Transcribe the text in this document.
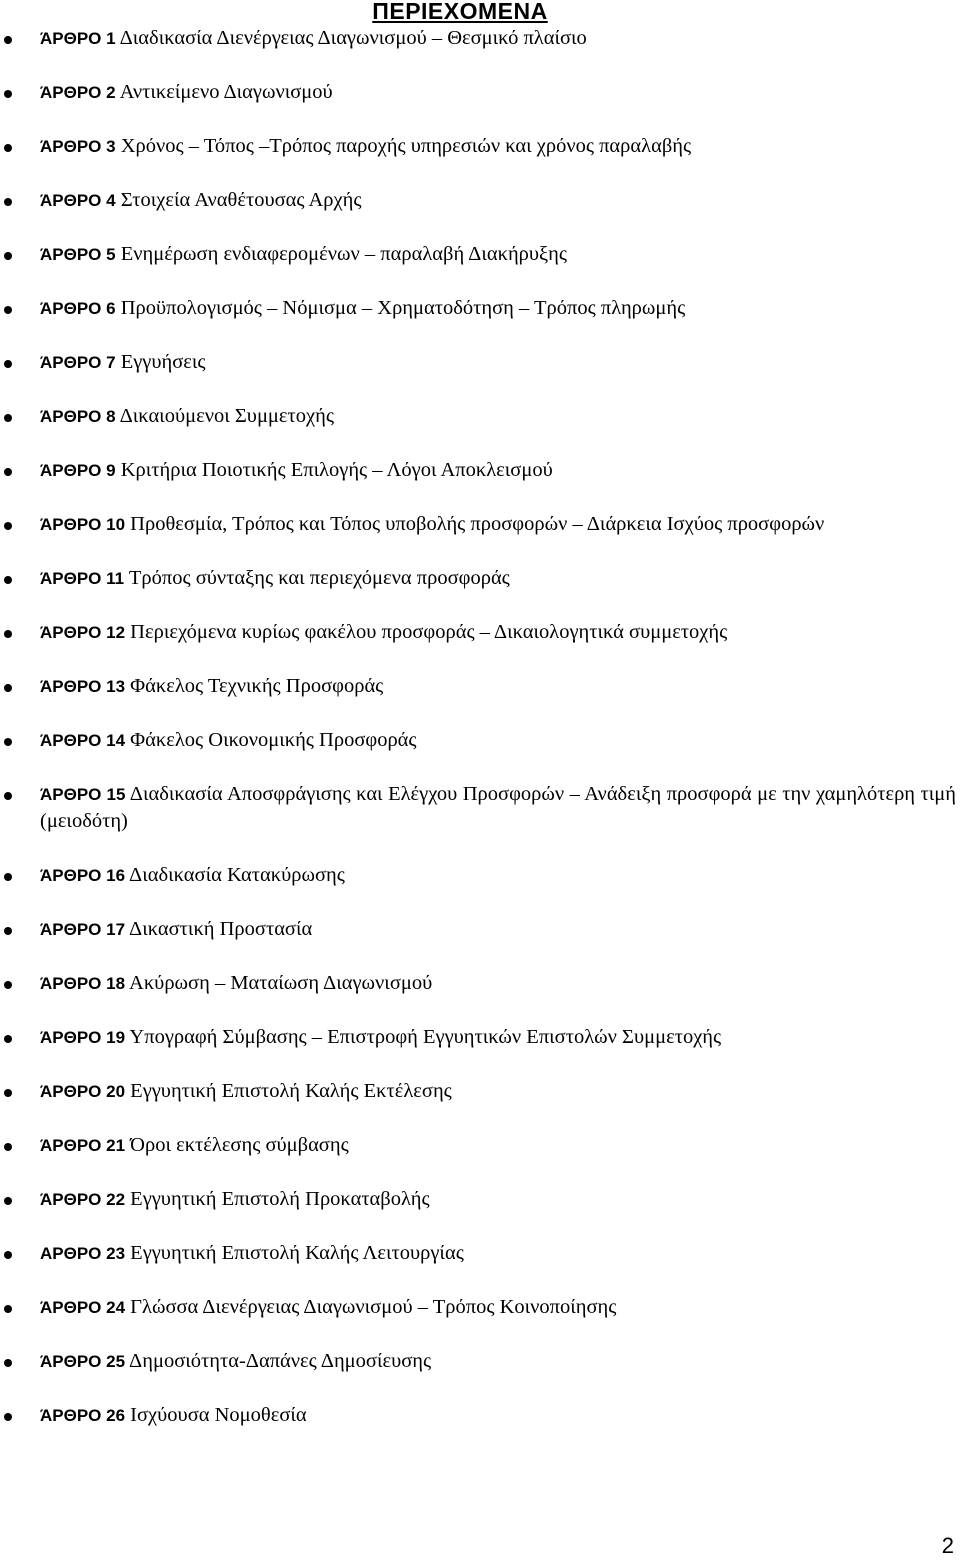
ΠΕΡΙΕΧΟΜΕΝΑ
ΆΡΘΡΟ 1 Διαδικασία Διενέργειας Διαγωνισμού – Θεσμικό πλαίσιο
ΆΡΘΡΟ 2 Αντικείμενο Διαγωνισμού
ΆΡΘΡΟ 3 Χρόνος – Τόπος –Τρόπος παροχής υπηρεσιών και χρόνος παραλαβής
ΆΡΘΡΟ 4 Στοιχεία Αναθέτουσας Αρχής
ΆΡΘΡΟ 5 Ενημέρωση ενδιαφερομένων – παραλαβή Διακήρυξης
ΆΡΘΡΟ 6 Προϋπολογισμός – Νόμισμα – Χρηματοδότηση – Τρόπος πληρωμής
ΆΡΘΡΟ 7 Εγγυήσεις
ΆΡΘΡΟ 8 Δικαιούμενοι Συμμετοχής
ΆΡΘΡΟ 9 Κριτήρια Ποιοτικής Επιλογής – Λόγοι Αποκλεισμού
ΆΡΘΡΟ 10 Προθεσμία, Τρόπος και Τόπος υποβολής προσφορών – Διάρκεια Ισχύος προσφορών
ΆΡΘΡΟ 11 Τρόπος σύνταξης και περιεχόμενα προσφοράς
ΆΡΘΡΟ 12 Περιεχόμενα κυρίως φακέλου προσφοράς – Δικαιολογητικά συμμετοχής
ΆΡΘΡΟ 13 Φάκελος Τεχνικής Προσφοράς
ΆΡΘΡΟ 14 Φάκελος Οικονομικής Προσφοράς
ΆΡΘΡΟ 15 Διαδικασία Αποσφράγισης και Ελέγχου Προσφορών – Ανάδειξη προσφορά με την χαμηλότερη τιμή (μειοδότη)
ΆΡΘΡΟ 16 Διαδικασία Κατακύρωσης
ΆΡΘΡΟ 17 Δικαστική Προστασία
ΆΡΘΡΟ 18 Ακύρωση – Ματαίωση Διαγωνισμού
ΆΡΘΡΟ 19 Υπογραφή Σύμβασης – Επιστροφή Εγγυητικών Επιστολών Συμμετοχής
ΆΡΘΡΟ 20 Εγγυητική Επιστολή Καλής Εκτέλεσης
ΆΡΘΡΟ 21 Όροι εκτέλεσης σύμβασης
ΆΡΘΡΟ 22 Εγγυητική Επιστολή Προκαταβολής
ΑΡΘΡΟ 23 Εγγυητική Επιστολή Καλής Λειτουργίας
ΆΡΘΡΟ 24 Γλώσσα Διενέργειας Διαγωνισμού – Τρόπος Κοινοποίησης
ΆΡΘΡΟ 25 Δημοσιότητα-Δαπάνες Δημοσίευσης
ΆΡΘΡΟ 26 Ισχύουσα Νομοθεσία
2
